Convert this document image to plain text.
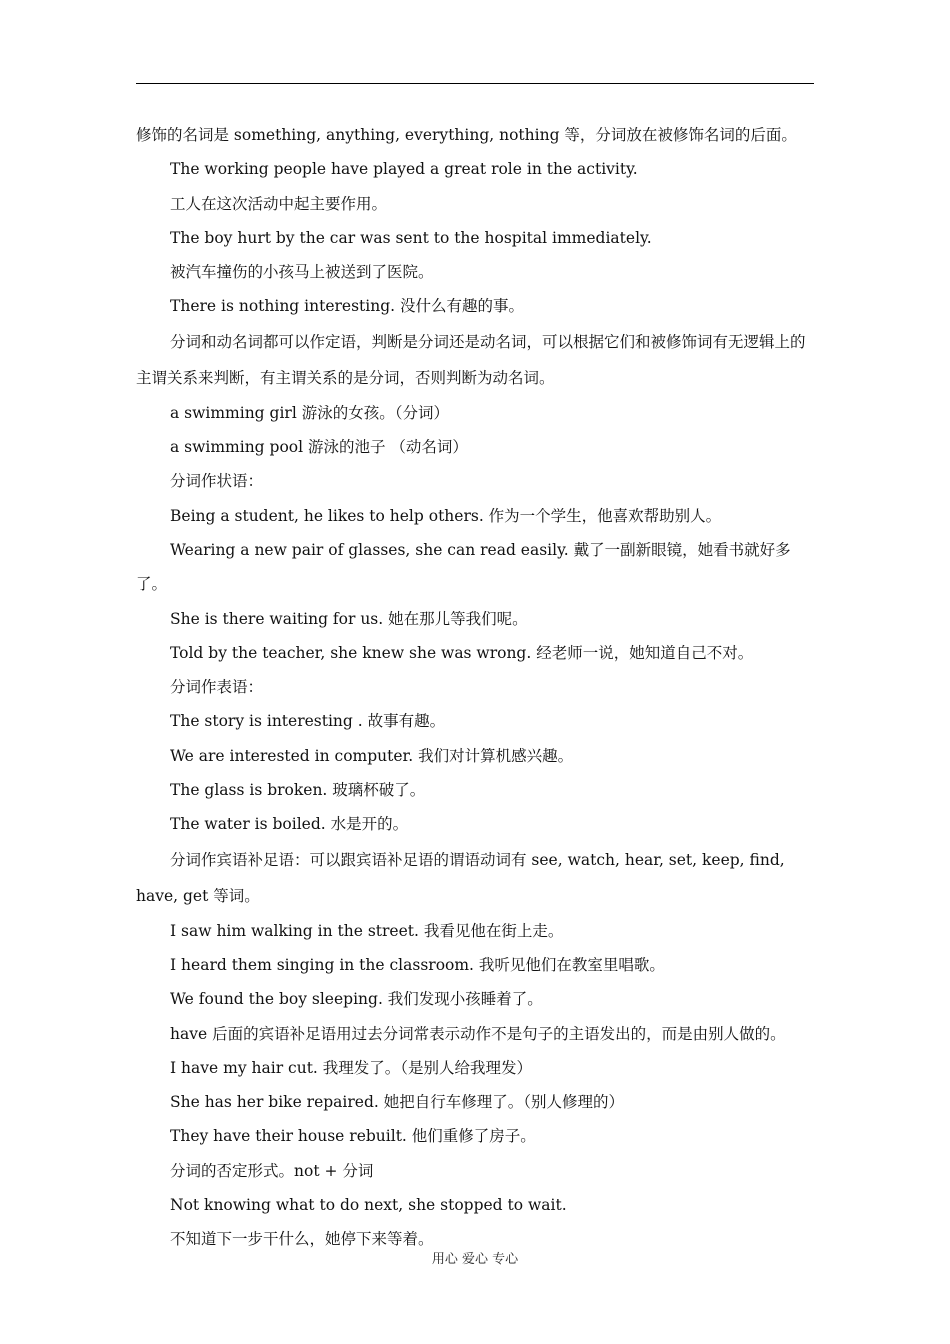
修饰的名词是 something, anything, everything, nothing 等，分词放在被修饰名词的后面。

The working people have played a great role in the activity.

工人在这次活动中起主要作用。

The boy hurt by the car was sent to the hospital immediately.

被汽车撞伤的小孩马上被送到了医院。

There is nothing interesting. 没什么有趣的事。

分词和动名词都可以作定语，判断是分词还是动名词，可以根据它们和被修饰词有无逻辑上的主谓关系来判断，有主谓关系的是分词，否则判断为动名词。

a swimming girl 游泳的女孩。（分词）

a swimming pool 游泳的池子 （动名词）

分词作状语：

Being a student, he likes to help others. 作为一个学生，他喜欢帮助别人。

Wearing a new pair of glasses, she can read easily. 戴了一副新眼镜，她看书就好多了。

She is there waiting for us. 她在那儿等我们呢。

Told by the teacher, she knew she was wrong. 经老师一说，她知道自己不对。

分词作表语：

The story is interesting . 故事有趣。

We are interested in computer. 我们对计算机感兴趣。

The glass is broken. 玻璃杯破了。

The water is boiled. 水是开的。

分词作宾语补足语：可以跟宾语补足语的谓语动词有 see, watch, hear, set, keep, find, have, get 等词。

I saw him walking in the street. 我看见他在街上走。

I heard them singing in the classroom. 我听见他们在教室里唱歌。

We found the boy sleeping. 我们发现小孩睡着了。

have 后面的宾语补足语用过去分词常表示动作不是句子的主语发出的，而是由别人做的。

I have my hair cut. 我理发了。（是别人给我理发）

She has her bike repaired. 她把自行车修理了。（别人修理的）

They have their house rebuilt. 他们重修了房子。

分词的否定形式。not + 分词

Not knowing what to do next, she stopped to wait.

不知道下一步干什么，她停下来等着。

用心 爱心 专心
